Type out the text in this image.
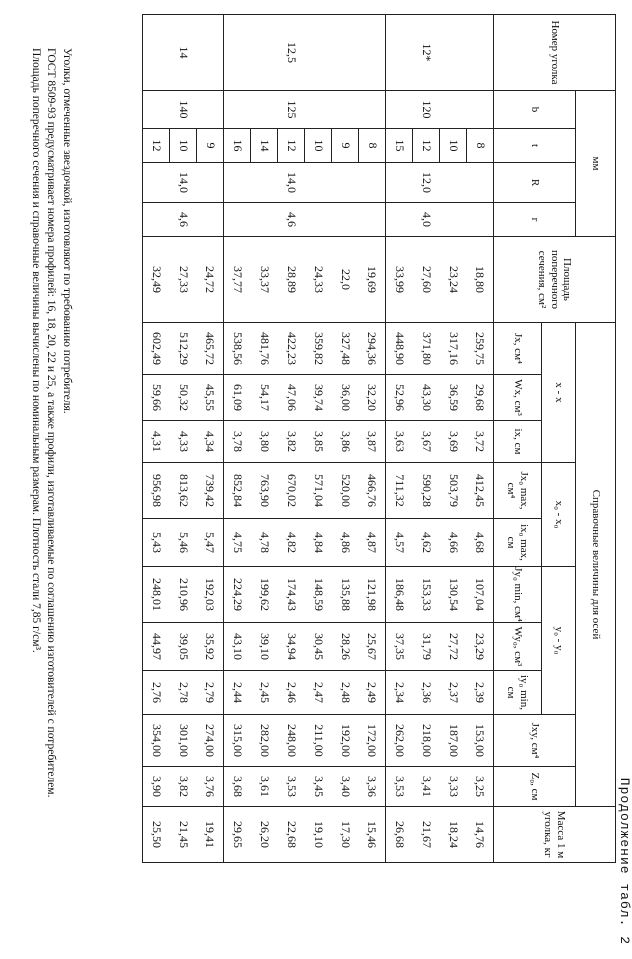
Продолжение табл. 2
Номер уголка	мм				Площадь поперечного сечения, см²	Справочные величины для осей										Масса 1 м уголка, кг
	b	t	R	r		x - x			x₀ - x₀		y₀ - y₀			Jxy, см⁴	Z₀, см	
						Jx, см⁴	Wx, см³	ix, см	Jx₀ max, см⁴	ix₀ max, см	Jy₀ min, см⁴	Wy₀, см³	iy₀ min, см			
		8			18,80	259,75	29,68	3,72	412,45	4,68	107,04	23,29	2,39	153,00	3,25	14,76
		10			23,24	317,16	36,59	3,69	503,79	4,66	130,54	27,72	2,37	187,00	3,33	18,24
12*	120	12	12,0	4,0	27,60	371,80	43,30	3,67	590,28	4,62	153,33	31,79	2,36	218,00	3,41	21,67
		15			33,99	448,90	52,96	3,63	711,32	4,57	186,48	37,35	2,34	262,00	3,53	26,68
		8			19,69	294,36	32,20	3,87	466,76	4,87	121,98	25,67	2,49	172,00	3,36	15,46
		9			22,0	327,48	36,00	3,86	520,00	4,86	135,88	28,26	2,48	192,00	3,40	17,30
		10			24,33	359,82	39,74	3,85	571,04	4,84	148,59	30,45	2,47	211,00	3,45	19,10
12,5	125	12	14,0	4,6	28,89	422,23	47,06	3,82	670,02	4,82	174,43	34,94	2,46	248,00	3,53	22,68
		14			33,37	481,76	54,17	3,80	763,90	4,78	199,62	39,10	2,45	282,00	3,61	26,20
		16			37,77	538,56	61,09	3,78	852,84	4,75	224,29	43,10	2,44	315,00	3,68	29,65
		9			24,72	465,72	45,55	4,34	739,42	5,47	192,03	35,92	2,79	274,00	3,76	19,41
14	140	10	14,0	4,6	27,33	512,29	50,32	4,33	813,62	5,46	210,96	39,05	2,78	301,00	3,82	21,45
		12			32,49	602,49	59,66	4,31	956,98	5,43	248,01	44,97	2,76	354,00	3,90	25,50

Уголки, отмеченные звездочкой, изготовляют по требованию потребителя.

ГОСТ 8509-93 предусматривает номера профилей: 16, 18, 20, 22 и 25, а также профили, изготавливаемые по соглашению изготовителей с потребителем.

Площадь поперечного сечения и справочные величины вычислены по номинальным размерам. Плотность стали 7,85 г/см³.
